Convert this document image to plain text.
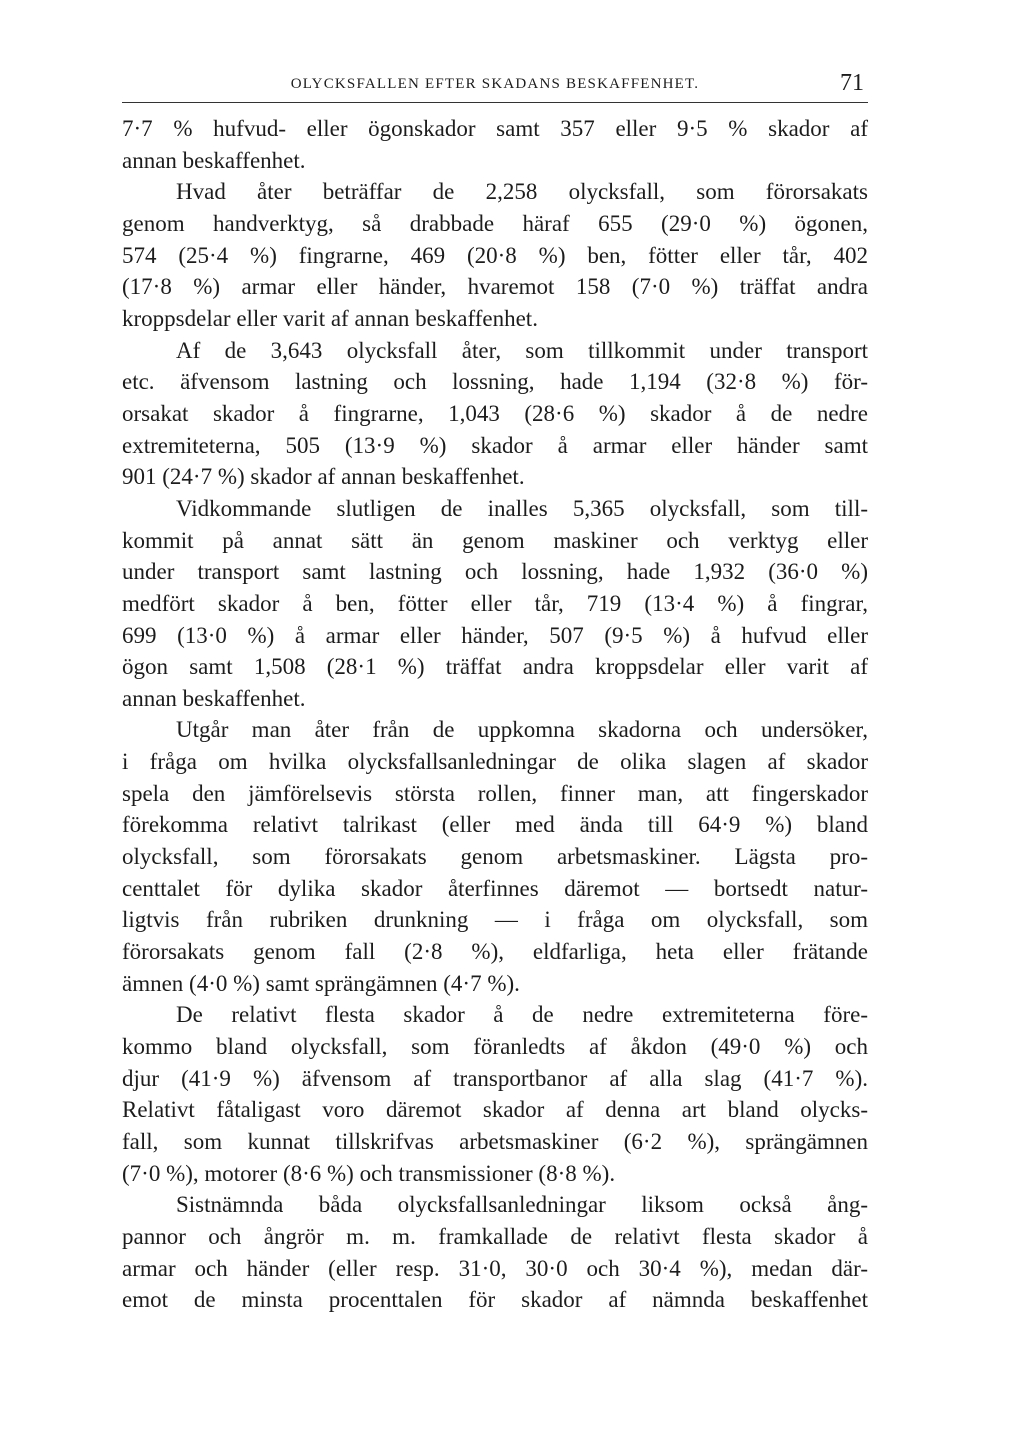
OLYCKSFALLEN EFTER SKADANS BESKAFFENHET.	71
7·7 % hufvud- eller ögonskador samt 357 eller 9·5 % skador af
annan beskaffenhet.
Hvad åter beträffar de 2,258 olycksfall, som förorsakats
genom handverktyg, så drabbade häraf 655 (29·0 %) ögonen,
574 (25·4 %) fingrarne, 469 (20·8 %) ben, fötter eller tår, 402
(17·8 %) armar eller händer, hvaremot 158 (7·0 %) träffat andra
kroppsdelar eller varit af annan beskaffenhet.
Af de 3,643 olycksfall åter, som tillkommit under transport
etc. äfvensom lastning och lossning, hade 1,194 (32·8 %) för-
orsakat skador å fingrarne, 1,043 (28·6 %) skador å de nedre
extremiteterna, 505 (13·9 %) skador å armar eller händer samt
901 (24·7 %) skador af annan beskaffenhet.
Vidkommande slutligen de inalles 5,365 olycksfall, som till-
kommit på annat sätt än genom maskiner och verktyg eller
under transport samt lastning och lossning, hade 1,932 (36·0 %)
medfört skador å ben, fötter eller tår, 719 (13·4 %) å fingrar,
699 (13·0 %) å armar eller händer, 507 (9·5 %) å hufvud eller
ögon samt 1,508 (28·1 %) träffat andra kroppsdelar eller varit af
annan beskaffenhet.
Utgår man åter från de uppkomna skadorna och undersöker,
i fråga om hvilka olycksfallsanledningar de olika slagen af skador
spela den jämförelsevis största rollen, finner man, att fingerskador
förekomma relativt talrikast (eller med ända till 64·9 %) bland
olycksfall, som förorsakats genom arbetsmaskiner. Lägsta pro-
centtalet för dylika skador återfinnes däremot — bortsedt natur-
ligtvis från rubriken drunkning — i fråga om olycksfall, som
förorsakats genom fall (2·8 %), eldfarliga, heta eller frätande
ämnen (4·0 %) samt sprängämnen (4·7 %).
De relativt flesta skador å de nedre extremiteterna före-
kommo bland olycksfall, som föranledts af åkdon (49·0 %) och
djur (41·9 %) äfvensom af transportbanor af alla slag (41·7 %).
Relativt fåtaligast voro däremot skador af denna art bland olycks-
fall, som kunnat tillskrifvas arbetsmaskiner (6·2 %), sprängämnen
(7·0 %), motorer (8·6 %) och transmissioner (8·8 %).
Sistnämnda båda olycksfallsanledningar liksom också ång-
pannor och ångrör m. m. framkallade de relativt flesta skador å
armar och händer (eller resp. 31·0, 30·0 och 30·4 %), medan där-
emot de minsta procenttalen för skador af nämnda beskaffenhet
